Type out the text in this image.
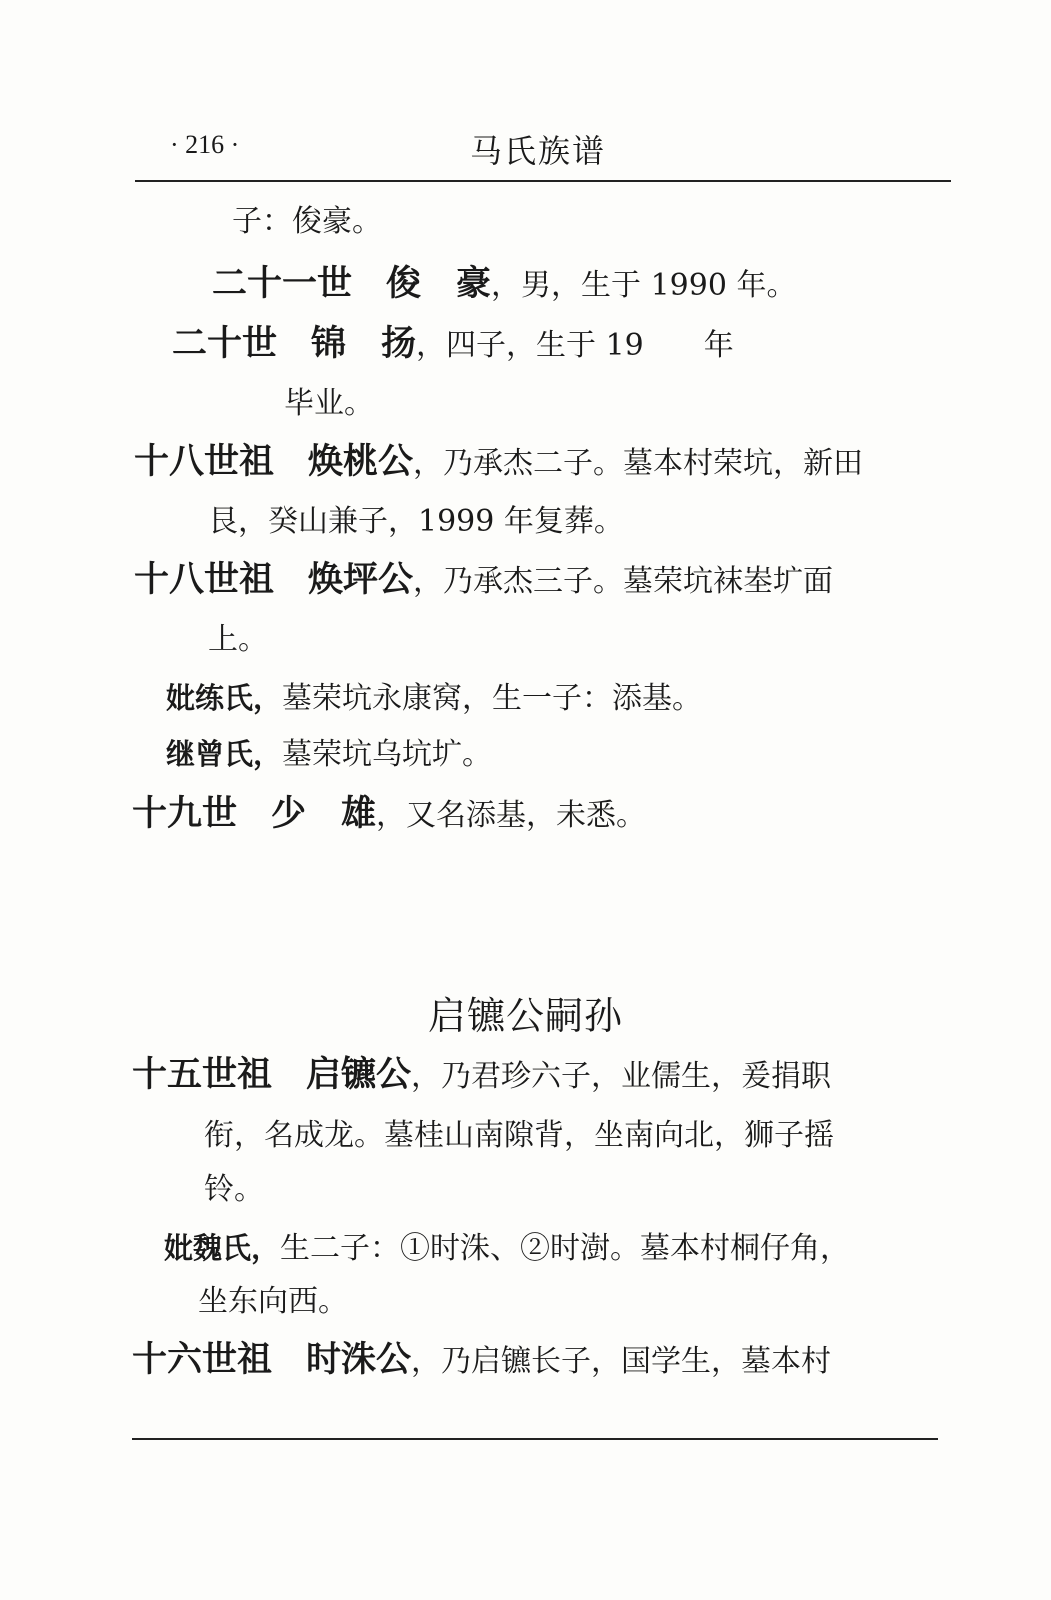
· 216 ·	马氏族谱
子：俊豪。
二十一世 俊　豪，男，生于 1990 年。
二十世 锦　扬，四子，生于 19　　年
毕业。
十八世祖 焕桃公，乃承杰二子。墓本村荣坑，新田
艮，癸山兼子，1999 年复葬。
十八世祖 焕坪公，乃承杰三子。墓荣坑袜峚圹面
上。
妣练氏，墓荣坑永康窝，生一子：添基。
继曾氏，墓荣坑乌坑圹。
十九世 少　雄，又名添基，未悉。
启镳公嗣孙
十五世祖 启镳公，乃君珍六子，业儒生，爰捐职
衔，名成龙。墓桂山南隙背，坐南向北，狮子摇
铃。
妣魏氏，生二子：①时洙、②时澍。墓本村桐仔角，
坐东向西。
十六世祖 时洙公，乃启镳长子，国学生，墓本村
